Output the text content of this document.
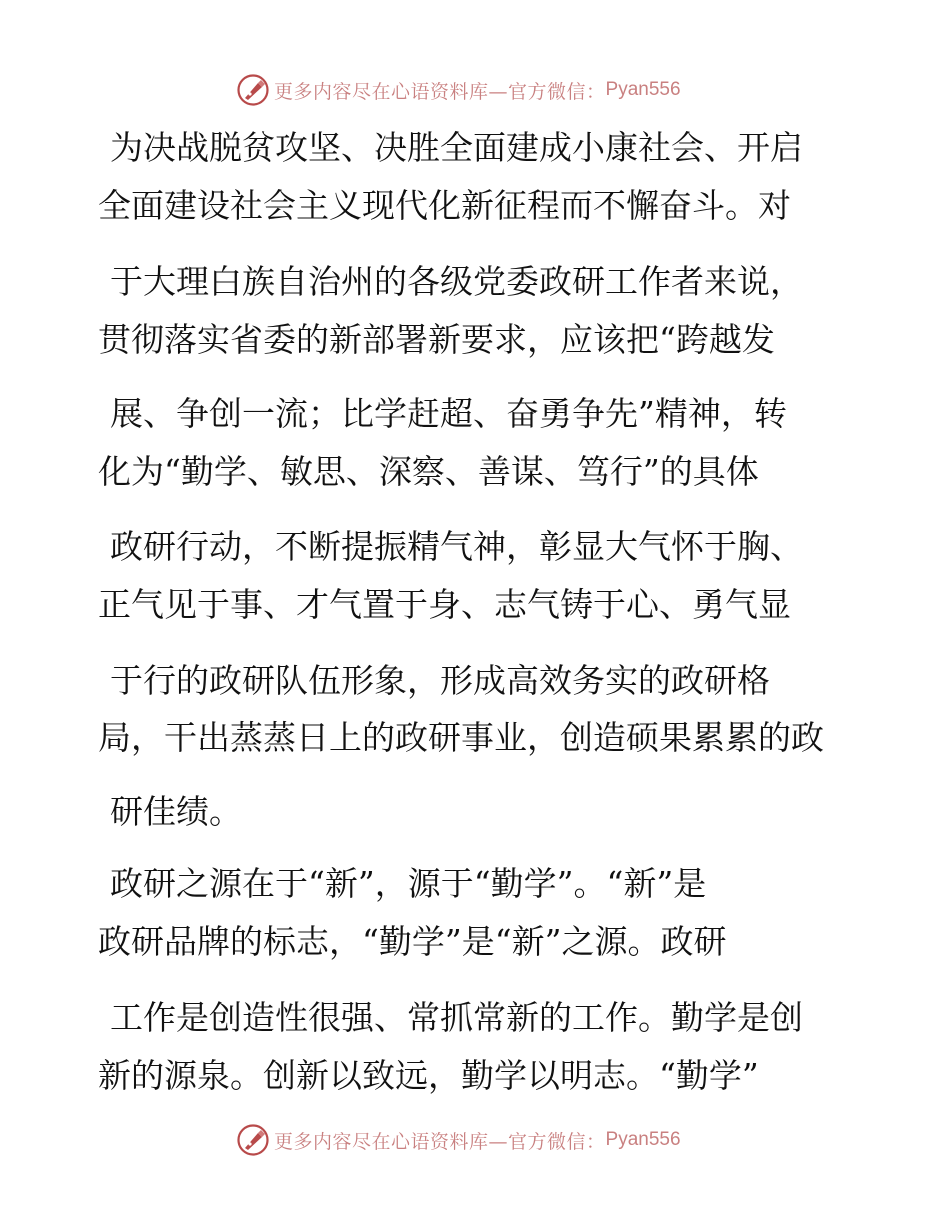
更多内容尽在心语资料库—官方微信： Pyan556

为决战脱贫攻坚、决胜全面建成小康社会、开启

全面建设社会主义现代化新征程而不懈奋斗。对

于大理白族自治州的各级党委政研工作者来说，

贯彻落实省委的新部署新要求，应该把“跨越发

展、争创一流；比学赶超、奋勇争先”精神，转

化为“勤学、敏思、深察、善谋、笃行”的具体

政研行动，不断提振精气神，彰显大气怀于胸、

正气见于事、才气置于身、志气铸于心、勇气显

于行的政研队伍形象，形成高效务实的政研格

局，干出蒸蒸日上的政研事业，创造硕果累累的政

研佳绩。

政研之源在于“新”，源于“勤学”。“新”是

政研品牌的标志，“勤学”是“新”之源。政研

工作是创造性很强、常抓常新的工作。勤学是创

新的源泉。创新以致远，勤学以明志。“勤学”

更多内容尽在心语资料库—官方微信： Pyan556
